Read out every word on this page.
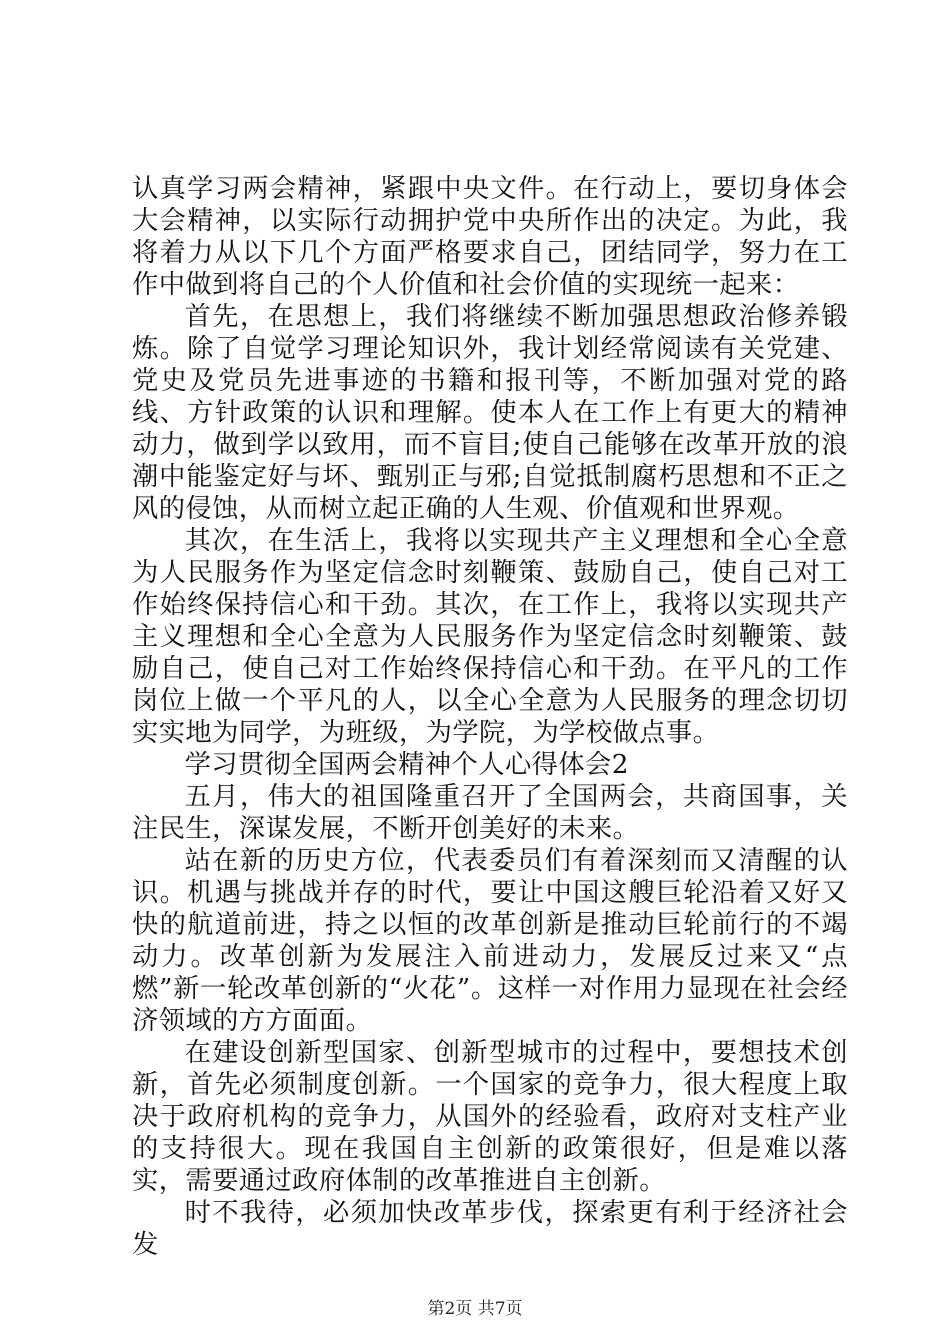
认真学习两会精神，紧跟中央文件。在行动上，要切身体会大会精神，以实际行动拥护党中央所作出的决定。为此，我将着力从以下几个方面严格要求自己，团结同学，努力在工作中做到将自己的个人价值和社会价值的实现统一起来：

首先，在思想上，我们将继续不断加强思想政治修养锻炼。除了自觉学习理论知识外，我计划经常阅读有关党建、党史及党员先进事迹的书籍和报刊等，不断加强对党的路线、方针政策的认识和理解。使本人在工作上有更大的精神动力，做到学以致用，而不盲目;使自己能够在改革开放的浪潮中能鉴定好与坏、甄别正与邪;自觉抵制腐朽思想和不正之风的侵蚀，从而树立起正确的人生观、价值观和世界观。

其次，在生活上，我将以实现共产主义理想和全心全意为人民服务作为坚定信念时刻鞭策、鼓励自己，使自己对工作始终保持信心和干劲。其次，在工作上，我将以实现共产主义理想和全心全意为人民服务作为坚定信念时刻鞭策、鼓励自己，使自己对工作始终保持信心和干劲。在平凡的工作岗位上做一个平凡的人，以全心全意为人民服务的理念切切实实地为同学，为班级，为学院，为学校做点事。

学习贯彻全国两会精神个人心得体会2

五月，伟大的祖国隆重召开了全国两会，共商国事，关注民生，深谋发展，不断开创美好的未来。

站在新的历史方位，代表委员们有着深刻而又清醒的认识。机遇与挑战并存的时代，要让中国这艘巨轮沿着又好又快的航道前进，持之以恒的改革创新是推动巨轮前行的不竭动力。改革创新为发展注入前进动力，发展反过来又“点燃”新一轮改革创新的“火花”。这样一对作用力显现在社会经济领域的方方面面。

在建设创新型国家、创新型城市的过程中，要想技术创新，首先必须制度创新。一个国家的竞争力，很大程度上取决于政府机构的竞争力，从国外的经验看，政府对支柱产业的支持很大。现在我国自主创新的政策很好，但是难以落实，需要通过政府体制的改革推进自主创新。

时不我待，必须加快改革步伐，探索更有利于经济社会发

第2页 共7页
